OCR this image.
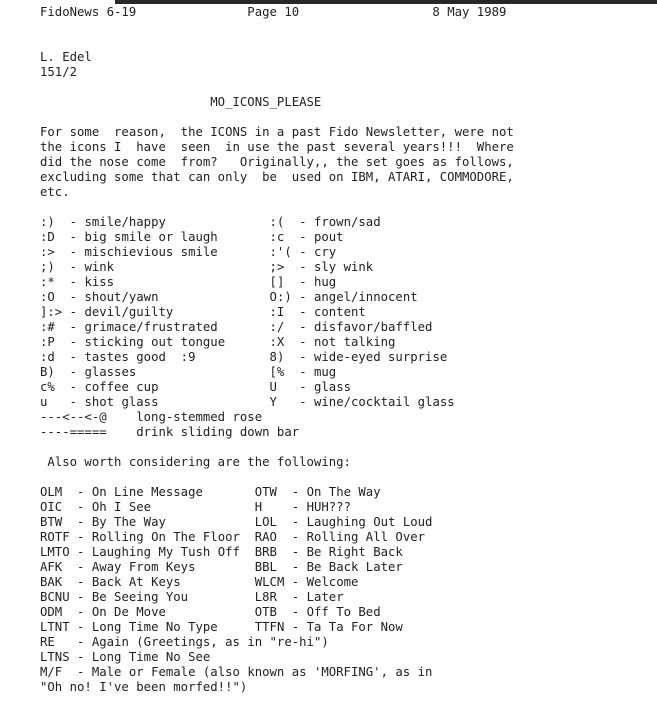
FidoNews 6-19               Page 10                  8 May 1989
L. Edel
151/2
MO_ICONS_PLEASE
For some  reason,  the ICONS in a past Fido Newsletter, were not
the icons I  have  seen  in use the past several years!!!  Where
did the nose come  from?   Originally,, the set goes as follows,
excluding some that can only  be  used on IBM, ATARI, COMMODORE,
etc.
:)  - smile/happy	:(  - frown/sad
:D  - big smile or laugh	:c  - pout
:>  - mischievious smile	:'( - cry
;)  - wink	;>  - sly wink
:*  - kiss	[]  - hug
:O  - shout/yawn	O:) - angel/innocent
]:> - devil/guilty	:I  - content
:#  - grimace/frustrated	:/  - disfavor/baffled
:P  - sticking out tongue	:X  - not talking
:d  - tastes good  :9	8)  - wide-eyed surprise
B)  - glasses	[%  - mug
c%  - coffee cup	U   - glass
u   - shot glass	Y   - wine/cocktail glass
---<--<-@    long-stemmed rose
----=====    drink sliding down bar
Also worth considering are the following:
OLM  - On Line Message	OTW  - On The Way
OIC  - Oh I See	H    - HUH???
BTW  - By The Way	LOL  - Laughing Out Loud
ROTF - Rolling On The Floor RAO  - Rolling All Over
LMTO - Laughing My Tush Off BRB  - Be Right Back
AFK  - Away From Keys	BBL  - Be Back Later
BAK  - Back At Keys	WLCM - Welcome
BCNU - Be Seeing You	L8R  - Later
ODM  - On De Move	OTB  - Off To Bed
LTNT - Long Time No Type	TTFN - Ta Ta For Now
RE   - Again (Greetings, as in "re-hi")
LTNS - Long Time No See
M/F  - Male or Female (also known as 'MORFING', as in
"Oh no! I've been morfed!!")
